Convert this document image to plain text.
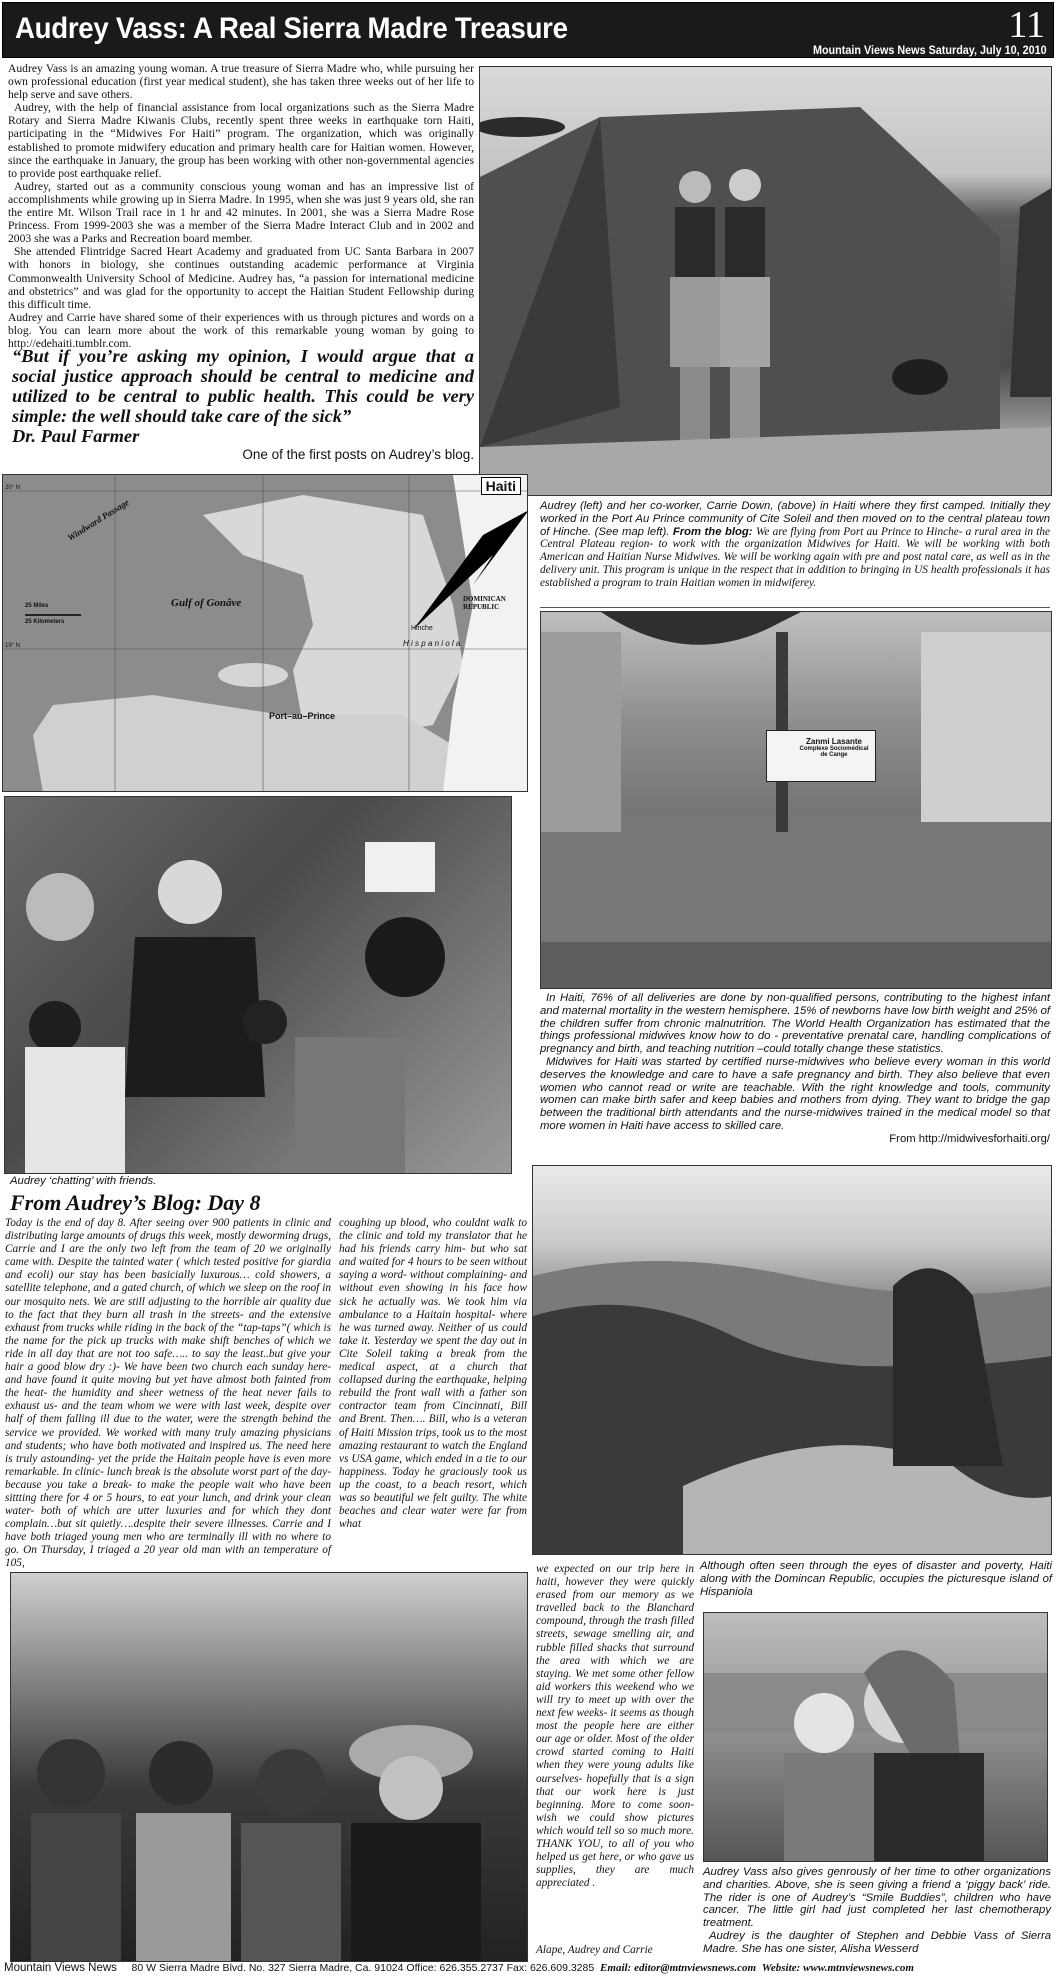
Audrey Vass: A Real Sierra Madre Treasure	11
Mountain Views News Saturday, July 10, 2010

Audrey Vass is an amazing young woman. A true treasure of Sierra Madre who, while pursuing her own professional education (first year medical student), she has taken three weeks out of her life to help serve and save others.

Audrey, with the help of financial assistance from local organizations such as the Sierra Madre Rotary and Sierra Madre Kiwanis Clubs, recently spent three weeks in earthquake torn Haiti, participating in the “Midwives For Haiti” program. The organization, which was originally established to promote midwifery education and primary health care for Haitian women. However, since the earthquake in January, the group has been working with other non-governmental agencies to provide post earthquake relief.

Audrey, started out as a community conscious young woman and has an impressive list of accomplishments while growing up in Sierra Madre. In 1995, when she was just 9 years old, she ran the entire Mt. Wilson Trail race in 1 hr and 42 minutes. In 2001, she was a Sierra Madre Rose Princess. From 1999-2003 she was a member of the Sierra Madre Interact Club and in 2002 and 2003 she was a Parks and Recreation board member.

She attended Flintridge Sacred Heart Academy and graduated from UC Santa Barbara in 2007 with honors in biology, she continues outstanding academic performance at Virginia Commonwealth University School of Medicine. Audrey has, “a passion for international medicine and obstetrics” and was glad for the opportunity to accept the Haitian Student Fellowship during this difficult time.

Audrey and Carrie have shared some of their experiences with us through pictures and words on a blog. You can learn more about the work of this remarkable young woman by going to http://edehaiti.tumblr.com.

“But if you’re asking my opinion, I would argue that a social justice approach should be central to medicine and utilized to be central to public health. This could be very simple: the well should take care of the sick”
Dr. Paul Farmer
One of the first posts on Audrey’s blog.
Haiti
Windward Passage
Gulf of Gonâve
Port–au–Prince
Hinche
DOMINICAN REPUBLIC
H i s p a n i o l a
25 Miles
25 Kilometers
20° N
19° N
Audrey (left) and her co-worker, Carrie Down, (above) in Haiti where they first camped. Initially they worked in the Port Au Prince community of Cite Soleil and then moved on to the central plateau town of Hinche. (See map left). From the blog: We are flying from Port au Prince to Hinche- a rural area in the Central Plateau region- to work with the organization Midwives for Haiti. We will be working with both American and Haitian Nurse Midwives. We will be working again with pre and post natal care, as well as in the delivery unit. This program is unique in the respect that in addition to bringing in US health professionals it has established a program to train Haitian women in midwiferey.
Zanmi Lasante
Complexe Sociomédical
de Cange

In Haiti, 76% of all deliveries are done by non-qualified persons, contributing to the highest infant and maternal mortality in the western hemisphere. 15% of newborns have low birth weight and 25% of the children suffer from chronic malnutrition. The World Health Organization has estimated that the things professional midwives know how to do - preventative prenatal care, handling complications of pregnancy and birth, and teaching nutrition –could totally change these statistics.

Midwives for Haiti was started by certified nurse-midwives who believe every woman in this world deserves the knowledge and care to have a safe pregnancy and birth. They also believe that even women who cannot read or write are teachable. With the right knowledge and tools, community women can make birth safer and keep babies and mothers from dying. They want to bridge the gap between the traditional birth attendants and the nurse-midwives trained in the medical model so that more women in Haiti have access to skilled care.

From http://midwivesforhaiti.org/

Audrey ‘chatting’ with friends.
From Audrey’s Blog: Day 8
Today is the end of day 8. After seeing over 900 patients in clinic and distributing large amounts of drugs this week, mostly deworming drugs, Carrie and I are the only two left from the team of 20 we originally came with. Despite the tainted water ( which tested positive for giardia and ecoli) our stay has been basicially luxurous… cold showers, a satellite telephone, and a gated church, of which we sleep on the roof in our mosquito nets. We are still adjusting to the horrible air quality due to the fact that they burn all trash in the streets- and the extensive exhaust from trucks while riding in the back of the “tap-taps”( which is the name for the pick up trucks with make shift benches of which we ride in all day that are not too safe….. to say the least..but give your hair a good blow dry :)- We have been two church each sunday here- and have found it quite moving but yet have almost both fainted from the heat- the humidity and sheer wetness of the heat never fails to exhaust us- and the team whom we were with last week, despite over half of them falling ill due to the water, were the strength behind the service we provided. We worked with many truly amazing physicians and students; who have both motivated and inspired us. The need here is truly astounding- yet the pride the Haitain people have is even more remarkable. In clinic- lunch break is the absolute worst part of the day- because you take a break- to make the people wait who have been sittting there for 4 or 5 hours, to eat your lunch, and drink your clean water- both of which are utter luxuries and for which they dont complain…but sit quietly….despite their severe illnesses. Carrie and I have both triaged young men who are terminally ill with no where to go. On Thursday, I triaged a 20 year old man with an temperature of 105,
coughing up blood, who couldnt walk to the clinic and told my translator that he had his friends carry him- but who sat and waited for 4 hours to be seen without saying a word- without complaining- and without even showing in his face how sick he actually was. We took him via ambulance to a Haitain hospital- where he was turned away. Neither of us could take it. Yesterday we spent the day out in Cite Soleil taking a break from the medical aspect, at a church that collapsed during the earthquake, helping rebuild the front wall with a father son contractor team from Cincinnati, Bill and Brent. Then…. Bill, who is a veteran of Haiti Mission trips, took us to the most amazing restaurant to watch the England vs USA game, which ended in a tie to our happiness. Today he graciously took us up the coast, to a beach resort, which was so beautiful we felt guilty. The white beaches and clear water were far from what
we expected on our trip here in haiti, however they were quickly erased from our memory as we travelled back to the Blanchard compound, through the trash filled streets, sewage smelling air, and rubble filled shacks that surround the area with which we are staying. We met some other fellow aid workers this weekend who we will try to meet up with over the next few weeks- it seems as though most the people here are either our age or older. Most of the older crowd started coming to Haiti when they were young adults like ourselves- hopefully that is a sign that our work here is just beginning. More to come soon- wish we could show pictures which would tell so so much more. THANK YOU, to all of you who helped us get here, or who gave us supplies, they are much appreciated .
Alape, Audrey and Carrie
Although often seen through the eyes of disaster and poverty, Haiti along with the Domincan Republic, occupies the picturesque island of Hispaniola

Audrey Vass also gives genrously of her time to other organizations and charities. Above, she is seen giving a friend a ‘piggy back’ ride. The rider is one of Audrey’s “Smile Buddies”, children who have cancer. The little girl had just completed her last chemotherapy treatment.

Audrey is the daughter of Stephen and Debbie Vass of Sierra Madre. She has one sister, Alisha Wesserd

Mountain Views News 80 W Sierra Madre Blvd. No. 327 Sierra Madre, Ca. 91024 Office: 626.355.2737 Fax: 626.609.3285 Email: editor@mtnviewsnews.com Website: www.mtnviewsnews.com
